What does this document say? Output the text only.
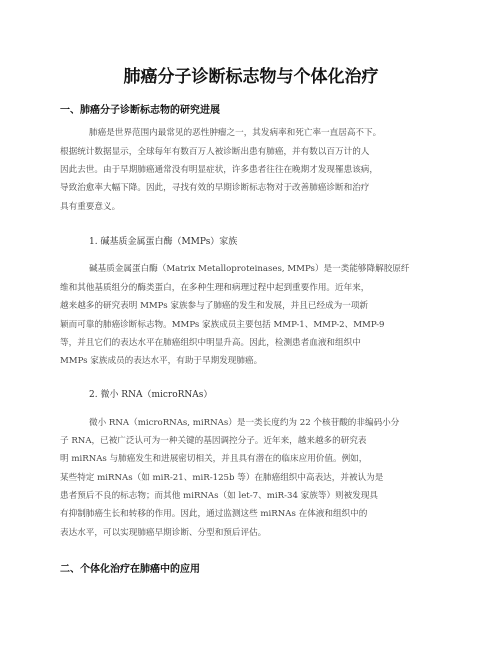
肺癌分子诊断标志物与个体化治疗
一、肺癌分子诊断标志物的研究进展
肺癌是世界范围内最常见的恶性肿瘤之一，其发病率和死亡率一直居高不下。
根据统计数据显示，全球每年有数百万人被诊断出患有肺癌，并有数以百万计的人
因此去世。由于早期肺癌通常没有明显症状，许多患者往往在晚期才发现罹患该病，
导致治愈率大幅下降。因此，寻找有效的早期诊断标志物对于改善肺癌诊断和治疗
具有重要意义。
1. 碱基质金属蛋白酶（MMPs）家族
碱基质金属蛋白酶（Matrix Metalloproteinases, MMPs）是一类能够降解胶原纤
维和其他基质组分的酶类蛋白，在多种生理和病理过程中起到重要作用。近年来，
越来越多的研究表明 MMPs 家族参与了肺癌的发生和发展，并且已经成为一项新
颖而可靠的肺癌诊断标志物。MMPs 家族成员主要包括 MMP-1、MMP-2、MMP-9
等，并且它们的表达水平在肺癌组织中明显升高。因此，检测患者血液和组织中
MMPs 家族成员的表达水平，有助于早期发现肺癌。
2. 微小 RNA（microRNAs）
微小 RNA（microRNAs, miRNAs）是一类长度约为 22 个核苷酸的非编码小分
子 RNA，已被广泛认可为一种关键的基因调控分子。近年来，越来越多的研究表
明 miRNAs 与肺癌发生和进展密切相关，并且具有潜在的临床应用价值。例如，
某些特定 miRNAs（如 miR-21、miR-125b 等）在肺癌组织中高表达，并被认为是
患者预后不良的标志物；而其他 miRNAs（如 let-7、miR-34 家族等）则被发现具
有抑制肺癌生长和转移的作用。因此，通过监测这些 miRNAs 在体液和组织中的
表达水平，可以实现肺癌早期诊断、分型和预后评估。
二、个体化治疗在肺癌中的应用
